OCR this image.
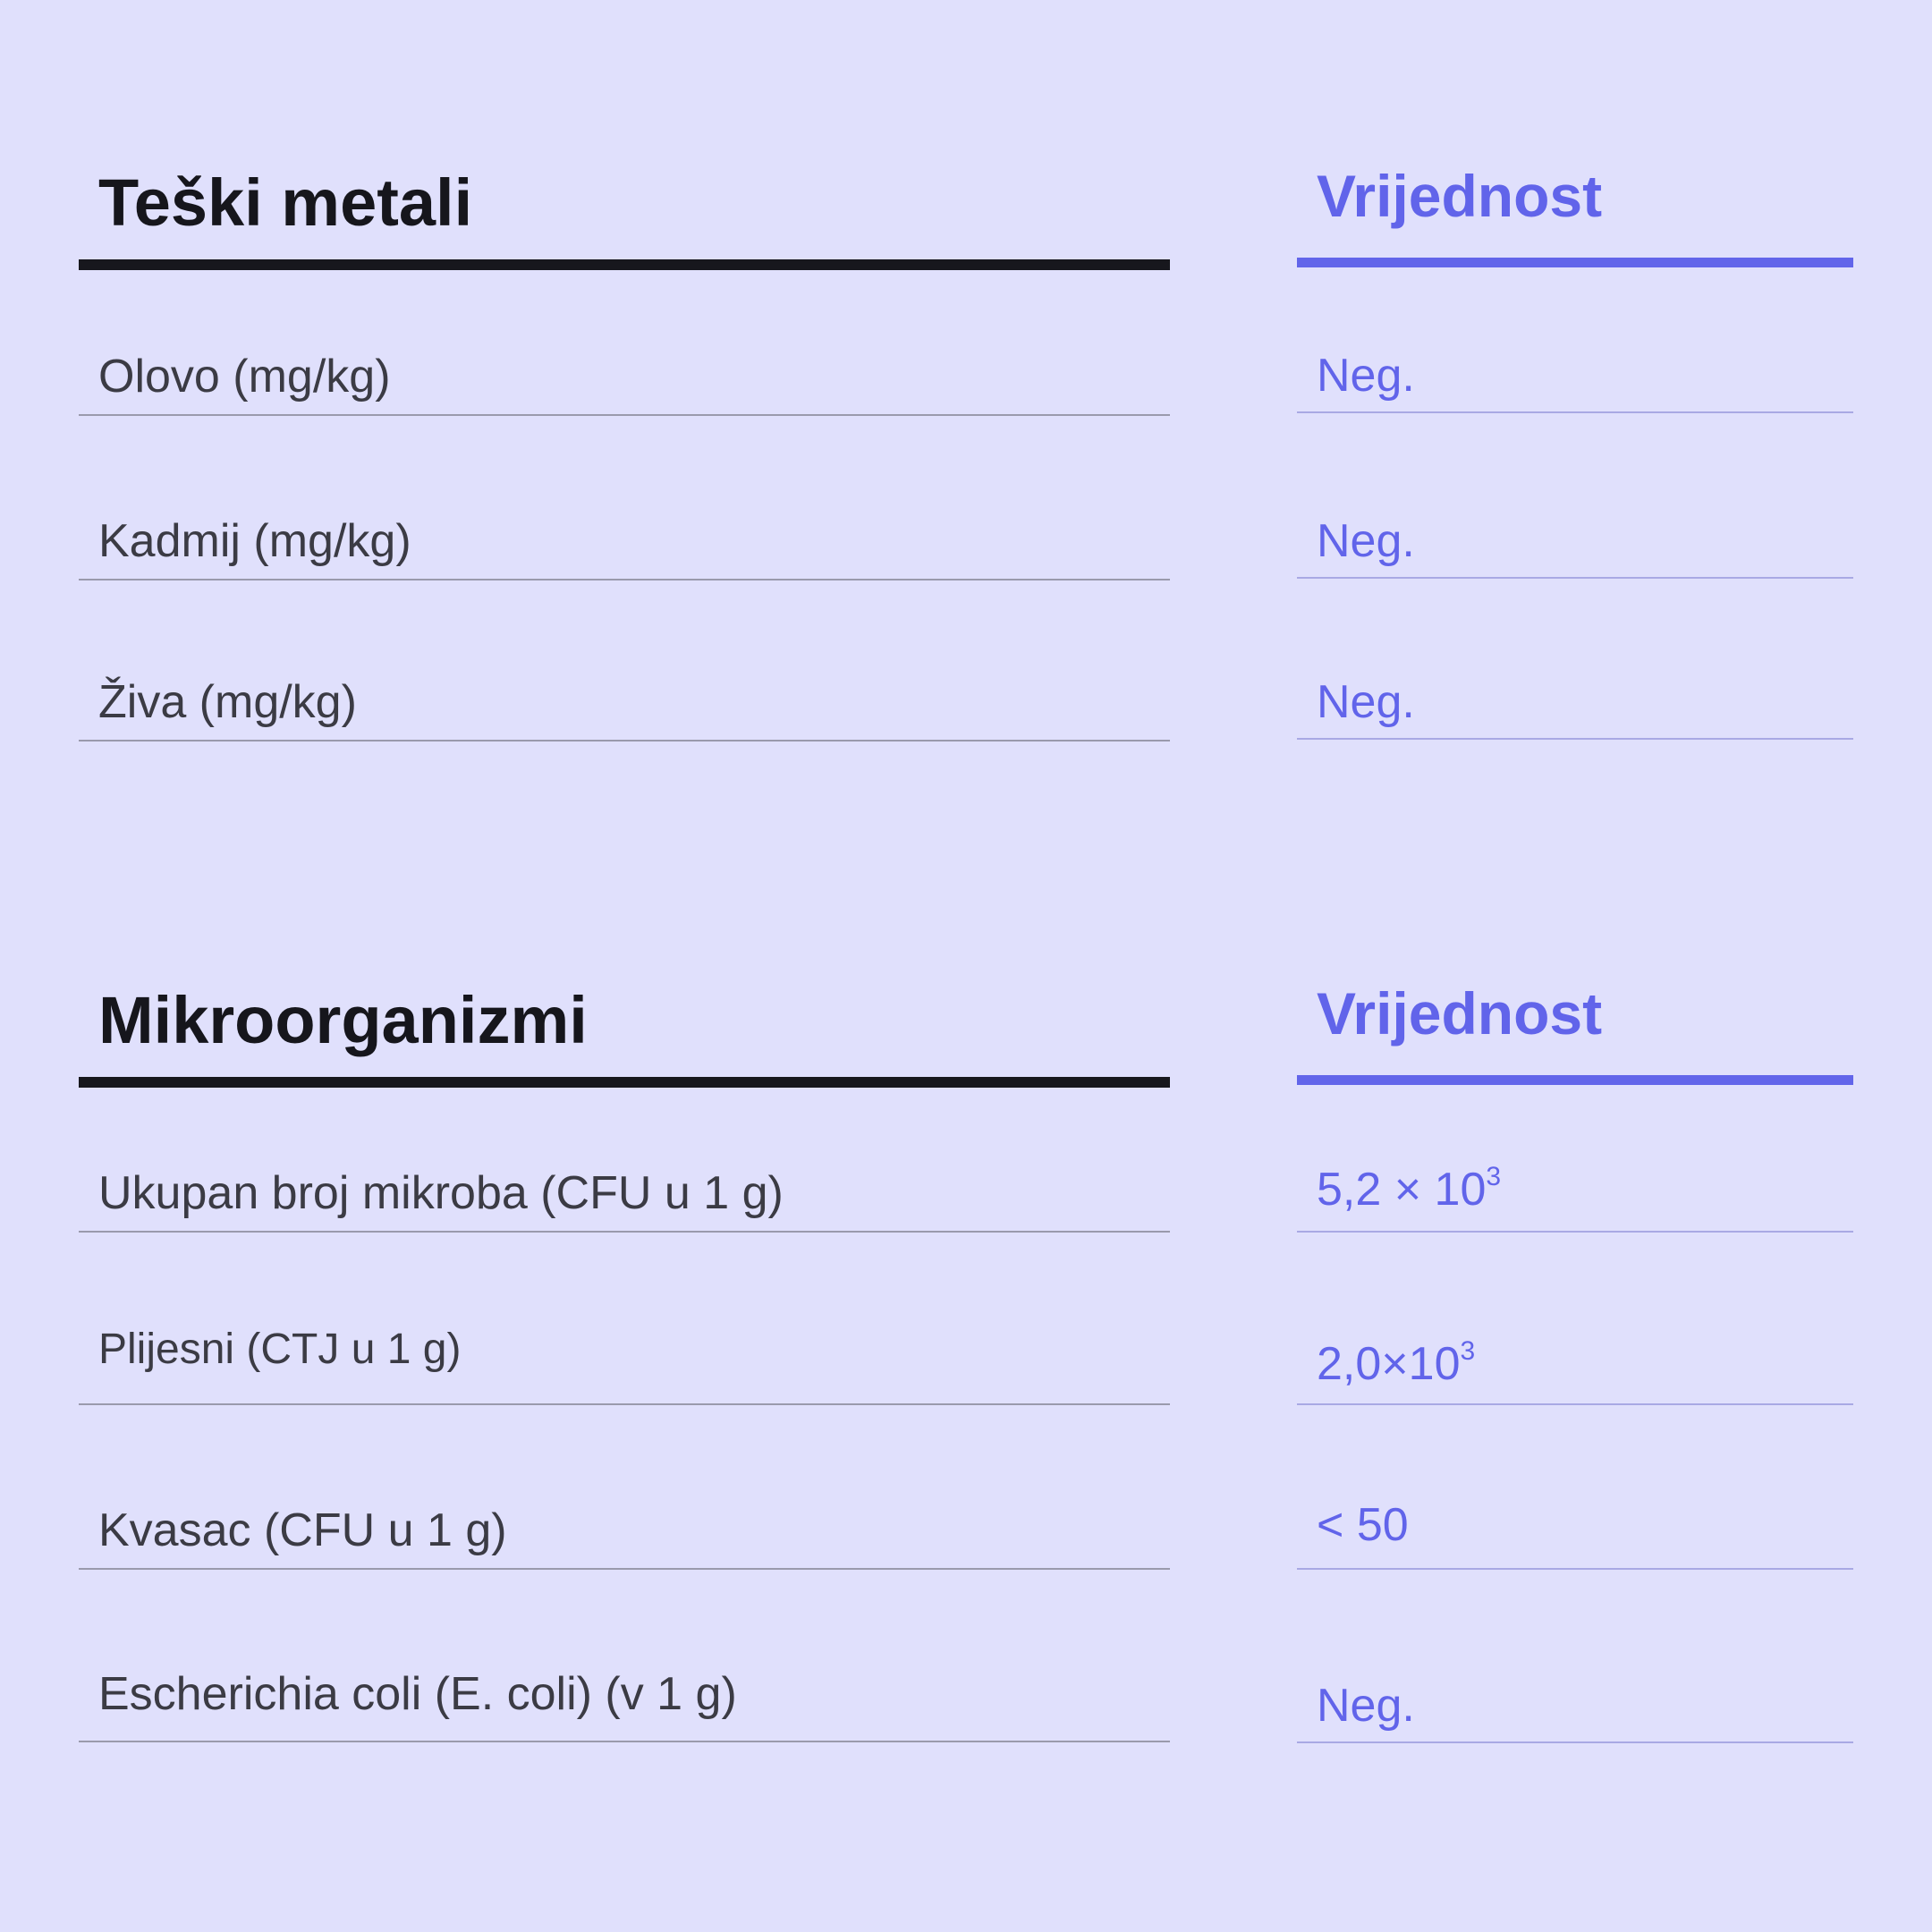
Teški metali	Vrijednost
Olovo (mg/kg)	Neg.
Kadmij (mg/kg)	Neg.
Živa (mg/kg)	Neg.
Mikroorganizmi	Vrijednost
Ukupan broj mikroba (CFU u 1 g)	$5,2 \times 10^3$
Plijesni (CTJ u 1 g)	$2,0\times 10^3$
Kvasac (CFU u 1 g)	< 50
Escherichia coli (E. coli) (v 1 g)	Neg.
